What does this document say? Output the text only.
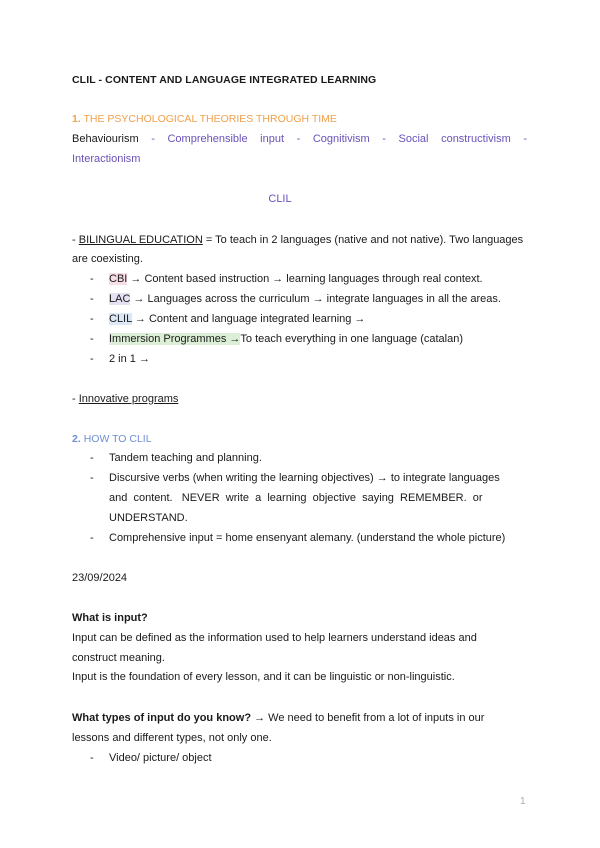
CLIL - CONTENT AND LANGUAGE INTEGRATED LEARNING
1. THE PSYCHOLOGICAL THEORIES THROUGH TIME
Behaviourism - Comprehensible input - Cognitivism - Social constructivism -
Interactionism
CLIL
- BILINGUAL EDUCATION = To teach in 2 languages (native and not native). Two languages
are coexisting.
- CBI → Content based instruction → learning languages through real context.
- LAC → Languages across the curriculum → integrate languages in all the areas.
- CLIL → Content and language integrated learning →
- Immersion Programmes →To teach everything in one language (catalan)
- 2 in 1 →
- Innovative programs
2. HOW TO CLIL
- Tandem teaching and planning.
- Discursive verbs (when writing the learning objectives) → to integrate languages
and  content.   NEVER  write  a  learning  objective  saying  REMEMBER.  or
UNDERSTAND.
- Comprehensive input = home ensenyant alemany. (understand the whole picture)
23/09/2024
What is input?
Input can be defined as the information used to help learners understand ideas and
construct meaning.
Input is the foundation of every lesson, and it can be linguistic or non-linguistic.
What types of input do you know? → We need to benefit from a lot of inputs in our
lessons and different types, not only one.
- Video/ picture/ object
1
